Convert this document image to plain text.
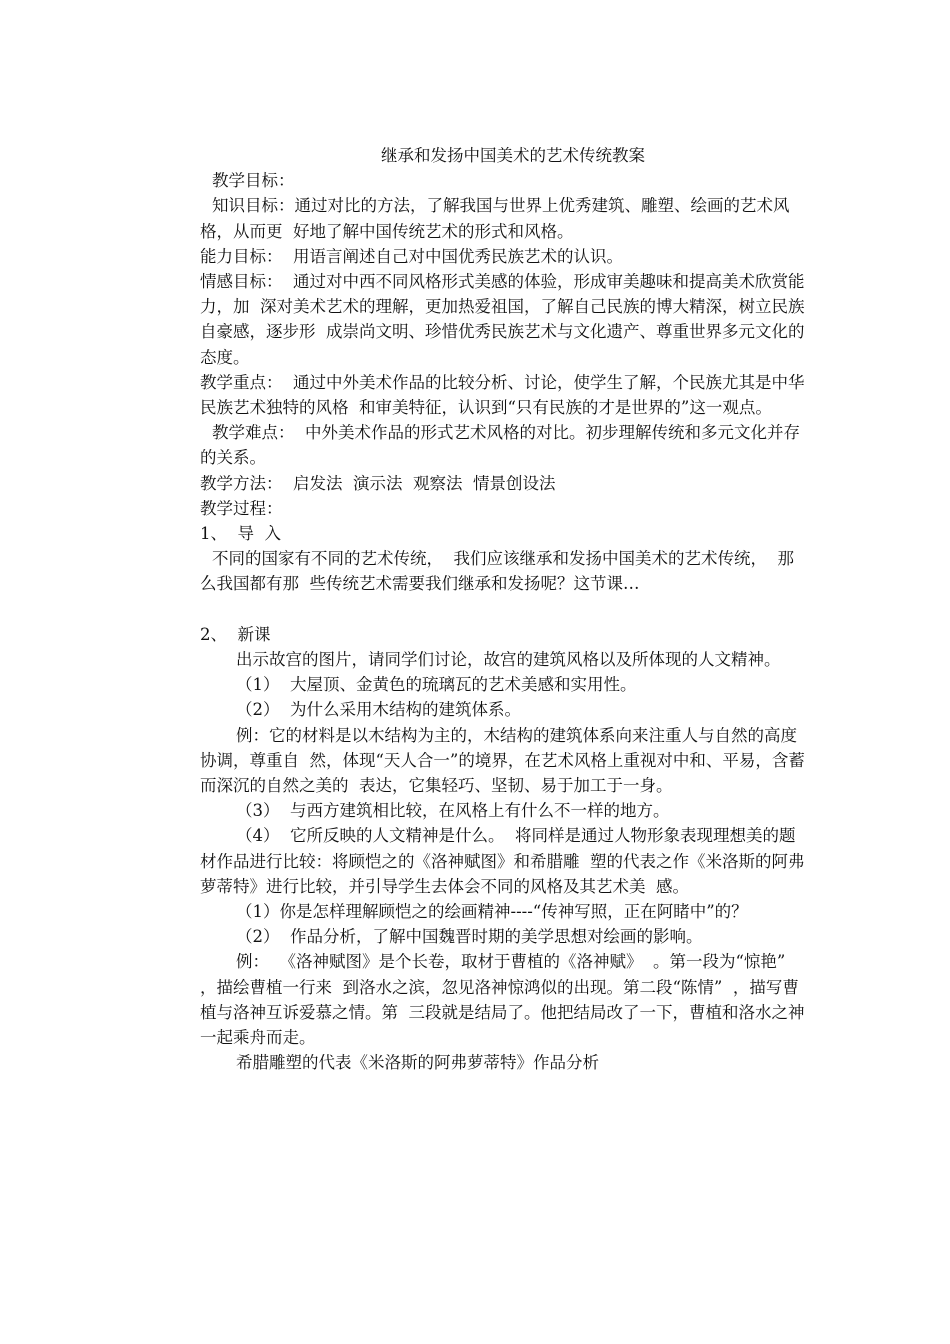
继承和发扬中国美术的艺术传统教案

教学目标：

知识目标：通过对比的方法，了解我国与世界上优秀建筑、雕塑、绘画的艺术风格，从而更  好地了解中国传统艺术的形式和风格。

能力目标：  用语言阐述自己对中国优秀民族艺术的认识。

情感目标：  通过对中西不同风格形式美感的体验，形成审美趣味和提高美术欣赏能力，加  深对美术艺术的理解，更加热爱祖国，了解自己民族的博大精深，树立民族自豪感，逐步形  成崇尚文明、珍惜优秀民族艺术与文化遗产、尊重世界多元文化的态度。

教学重点：  通过中外美术作品的比较分析、讨论，使学生了解，个民族尤其是中华民族艺术独特的风格  和审美特征，认识到“只有民族的才是世界的”这一观点。

教学难点：  中外美术作品的形式艺术风格的对比。初步理解传统和多元文化并存的关系。

教学方法：  启发法  演示法  观察法  情景创设法

教学过程：

1、  导  入

不同的国家有不同的艺术传统，  我们应该继承和发扬中国美术的艺术传统，  那么我国都有那  些传统艺术需要我们继承和发扬呢？这节课…

2、  新课

出示故宫的图片，请同学们讨论，故宫的建筑风格以及所体现的人文精神。

（1）  大屋顶、金黄色的琉璃瓦的艺术美感和实用性。

（2）  为什么采用木结构的建筑体系。

例：它的材料是以木结构为主的，木结构的建筑体系向来注重人与自然的高度协调，尊重自  然，体现“天人合一”的境界，在艺术风格上重视对中和、平易，含蓄而深沉的自然之美的  表达，它集轻巧、坚韧、易于加工于一身。

（3）  与西方建筑相比较，在风格上有什么不一样的地方。

（4）  它所反映的人文精神是什么。  将同样是通过人物形象表现理想美的题材作品进行比较：将顾恺之的《洛神赋图》和希腊雕  塑的代表之作《米洛斯的阿弗萝蒂特》进行比较，并引导学生去体会不同的风格及其艺术美  感。

（1）你是怎样理解顾恺之的绘画精神----“传神写照，正在阿睹中”的？

（2）  作品分析，了解中国魏晋时期的美学思想对绘画的影响。

例：  《洛神赋图》是个长卷，取材于曹植的《洛神赋》  。第一段为“惊艳”  ，描绘曹植一行来  到洛水之滨，忽见洛神惊鸿似的出现。第二段“陈情”  ，描写曹植与洛神互诉爱慕之情。第  三段就是结局了。他把结局改了一下，曹植和洛水之神一起乘舟而走。

希腊雕塑的代表《米洛斯的阿弗萝蒂特》作品分析
